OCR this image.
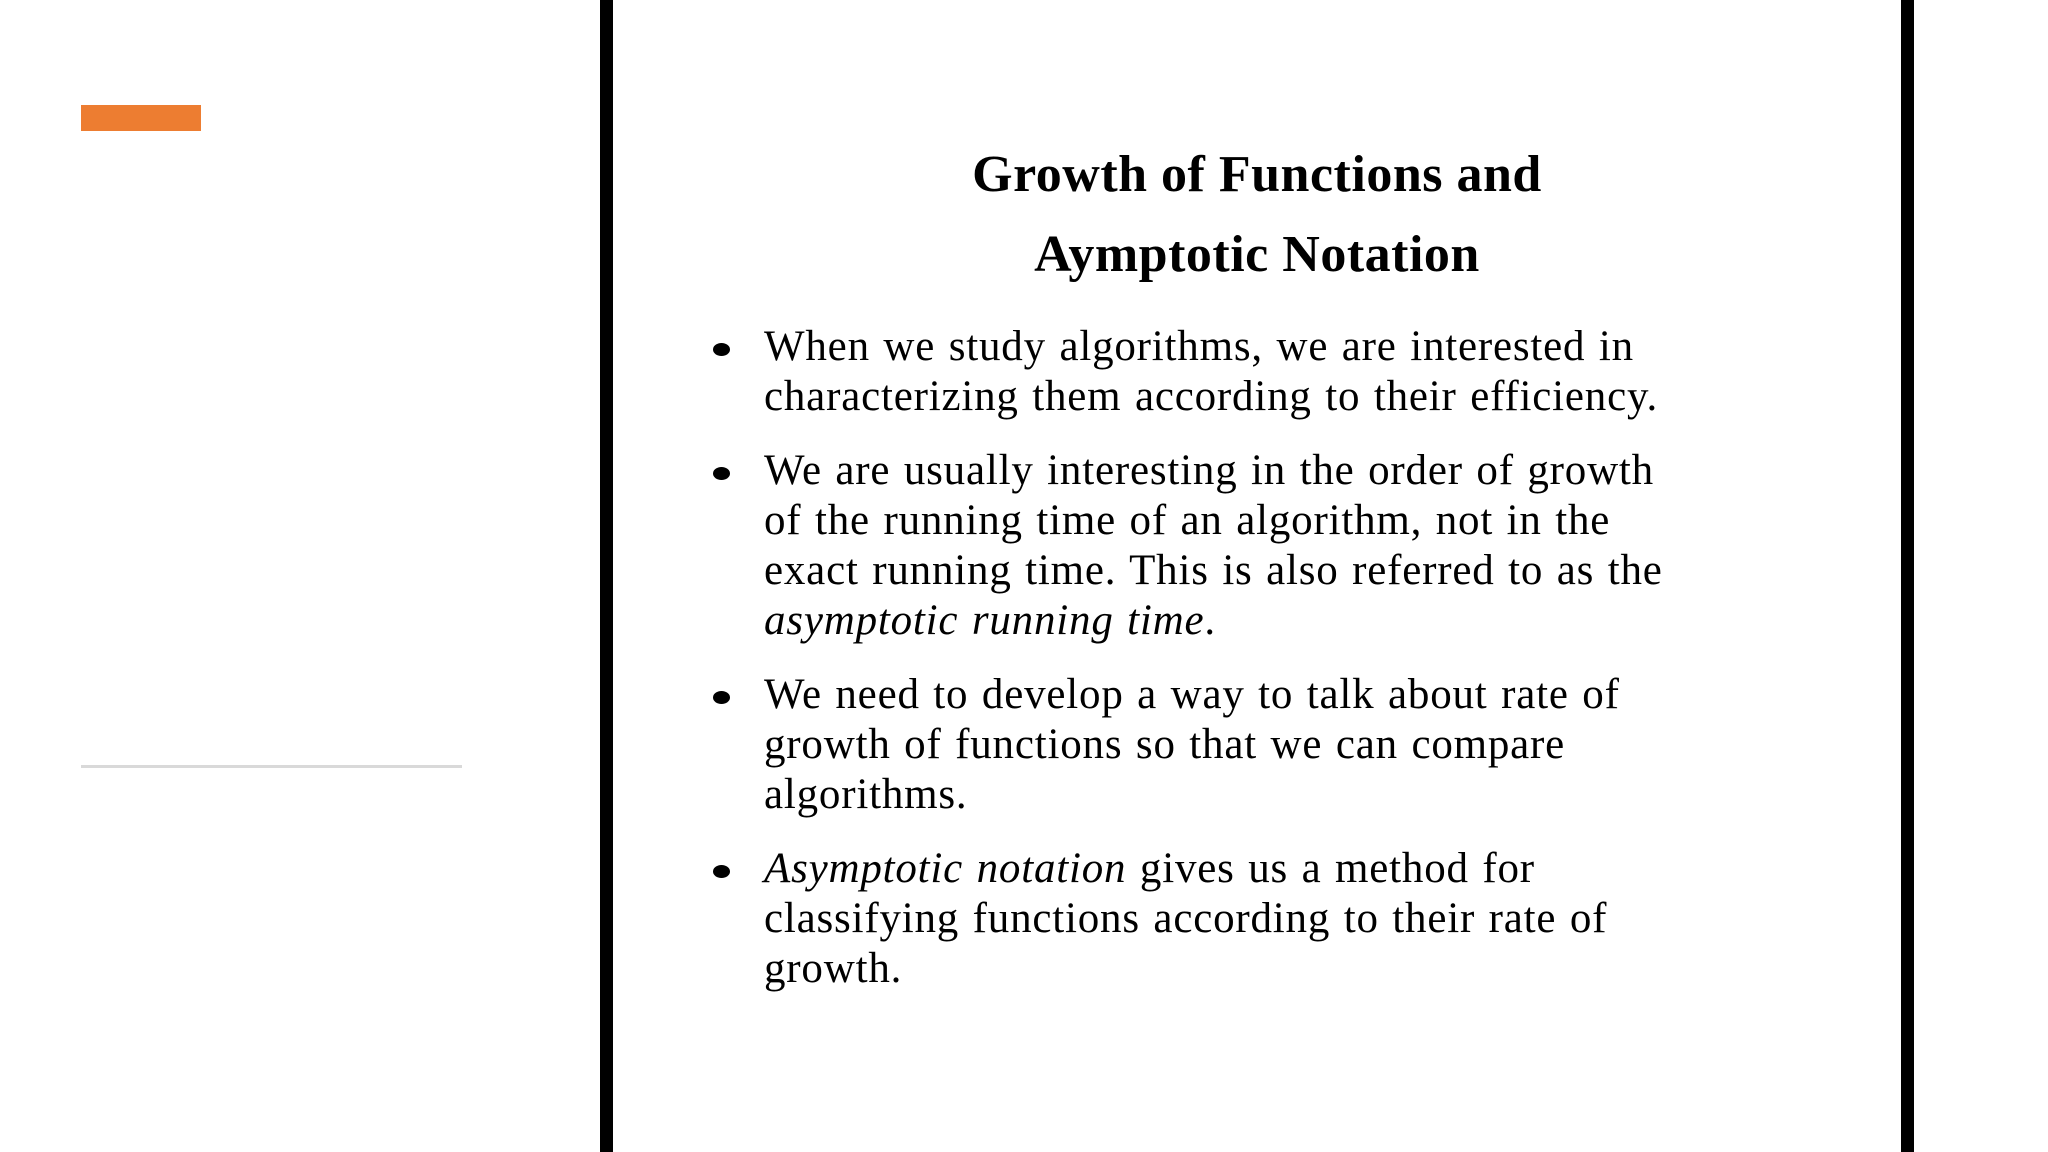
Growth of Functions and
Aymptotic Notation
When we study algorithms, we are interested in
characterizing them according to their efficiency.
We are usually interesting in the order of growth
of the running time of an algorithm, not in the
exact running time. This is also referred to as the
asymptotic running time.
We need to develop a way to talk about rate of
growth of functions so that we can compare
algorithms.
Asymptotic notation gives us a method for
classifying functions according to their rate of
growth.
